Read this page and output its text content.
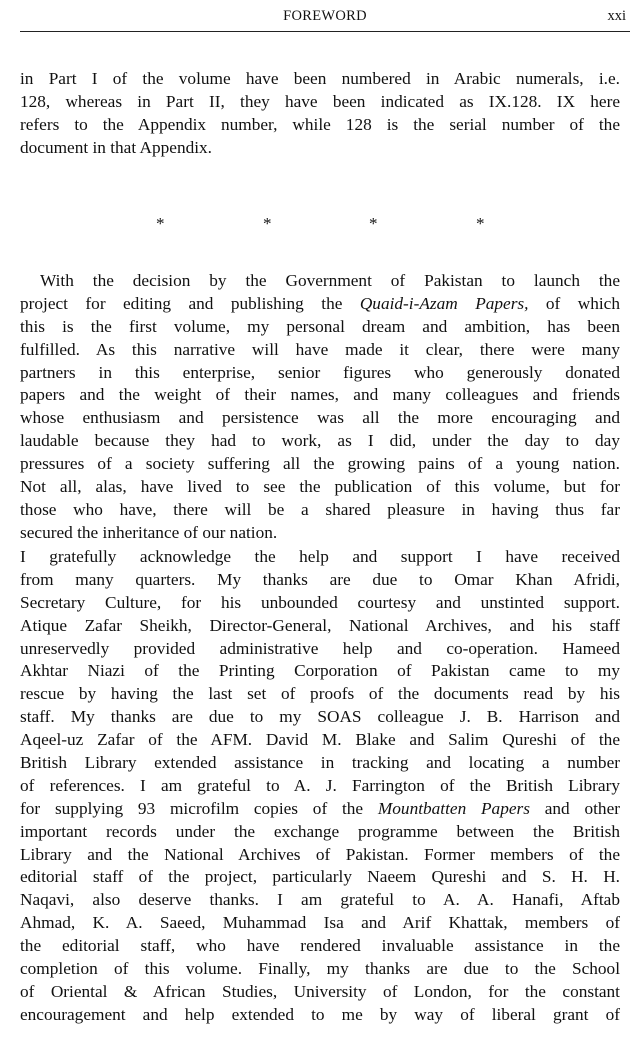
FOREWORD	xxi
in Part I of the volume have been numbered in Arabic numerals, i.e.
128, whereas in Part II, they have been indicated as IX.128. IX here
refers to the Appendix number, while 128 is the serial number of the
document in that Appendix.
*	*	*	*
With the decision by the Government of Pakistan to launch the
project for editing and publishing the Quaid-i-Azam Papers, of which
this is the first volume, my personal dream and ambition, has been
fulfilled. As this narrative will have made it clear, there were many
partners in this enterprise, senior figures who generously donated
papers and the weight of their names, and many colleagues and friends
whose enthusiasm and persistence was all the more encouraging and
laudable because they had to work, as I did, under the day to day
pressures of a society suffering all the growing pains of a young nation.
Not all, alas, have lived to see the publication of this volume, but for
those who have, there will be a shared pleasure in having thus far
secured the inheritance of our nation.
I gratefully acknowledge the help and support I have received
from many quarters. My thanks are due to Omar Khan Afridi,
Secretary Culture, for his unbounded courtesy and unstinted support.
Atique Zafar Sheikh, Director-General, National Archives, and his staff
unreservedly provided administrative help and co-operation. Hameed
Akhtar Niazi of the Printing Corporation of Pakistan came to my
rescue by having the last set of proofs of the documents read by his
staff. My thanks are due to my SOAS colleague J. B. Harrison and
Aqeel-uz Zafar of the AFM. David M. Blake and Salim Qureshi of the
British Library extended assistance in tracking and locating a number
of references. I am grateful to A. J. Farrington of the British Library
for supplying 93 microfilm copies of the Mountbatten Papers and other
important records under the exchange programme between the British
Library and the National Archives of Pakistan. Former members of the
editorial staff of the project, particularly Naeem Qureshi and S. H. H.
Naqavi, also deserve thanks. I am grateful to A. A. Hanafi, Aftab
Ahmad, K. A. Saeed, Muhammad Isa and Arif Khattak, members of
the editorial staff, who have rendered invaluable assistance in the
completion of this volume. Finally, my thanks are due to the School
of Oriental & African Studies, University of London, for the constant
encouragement and help extended to me by way of liberal grant of
